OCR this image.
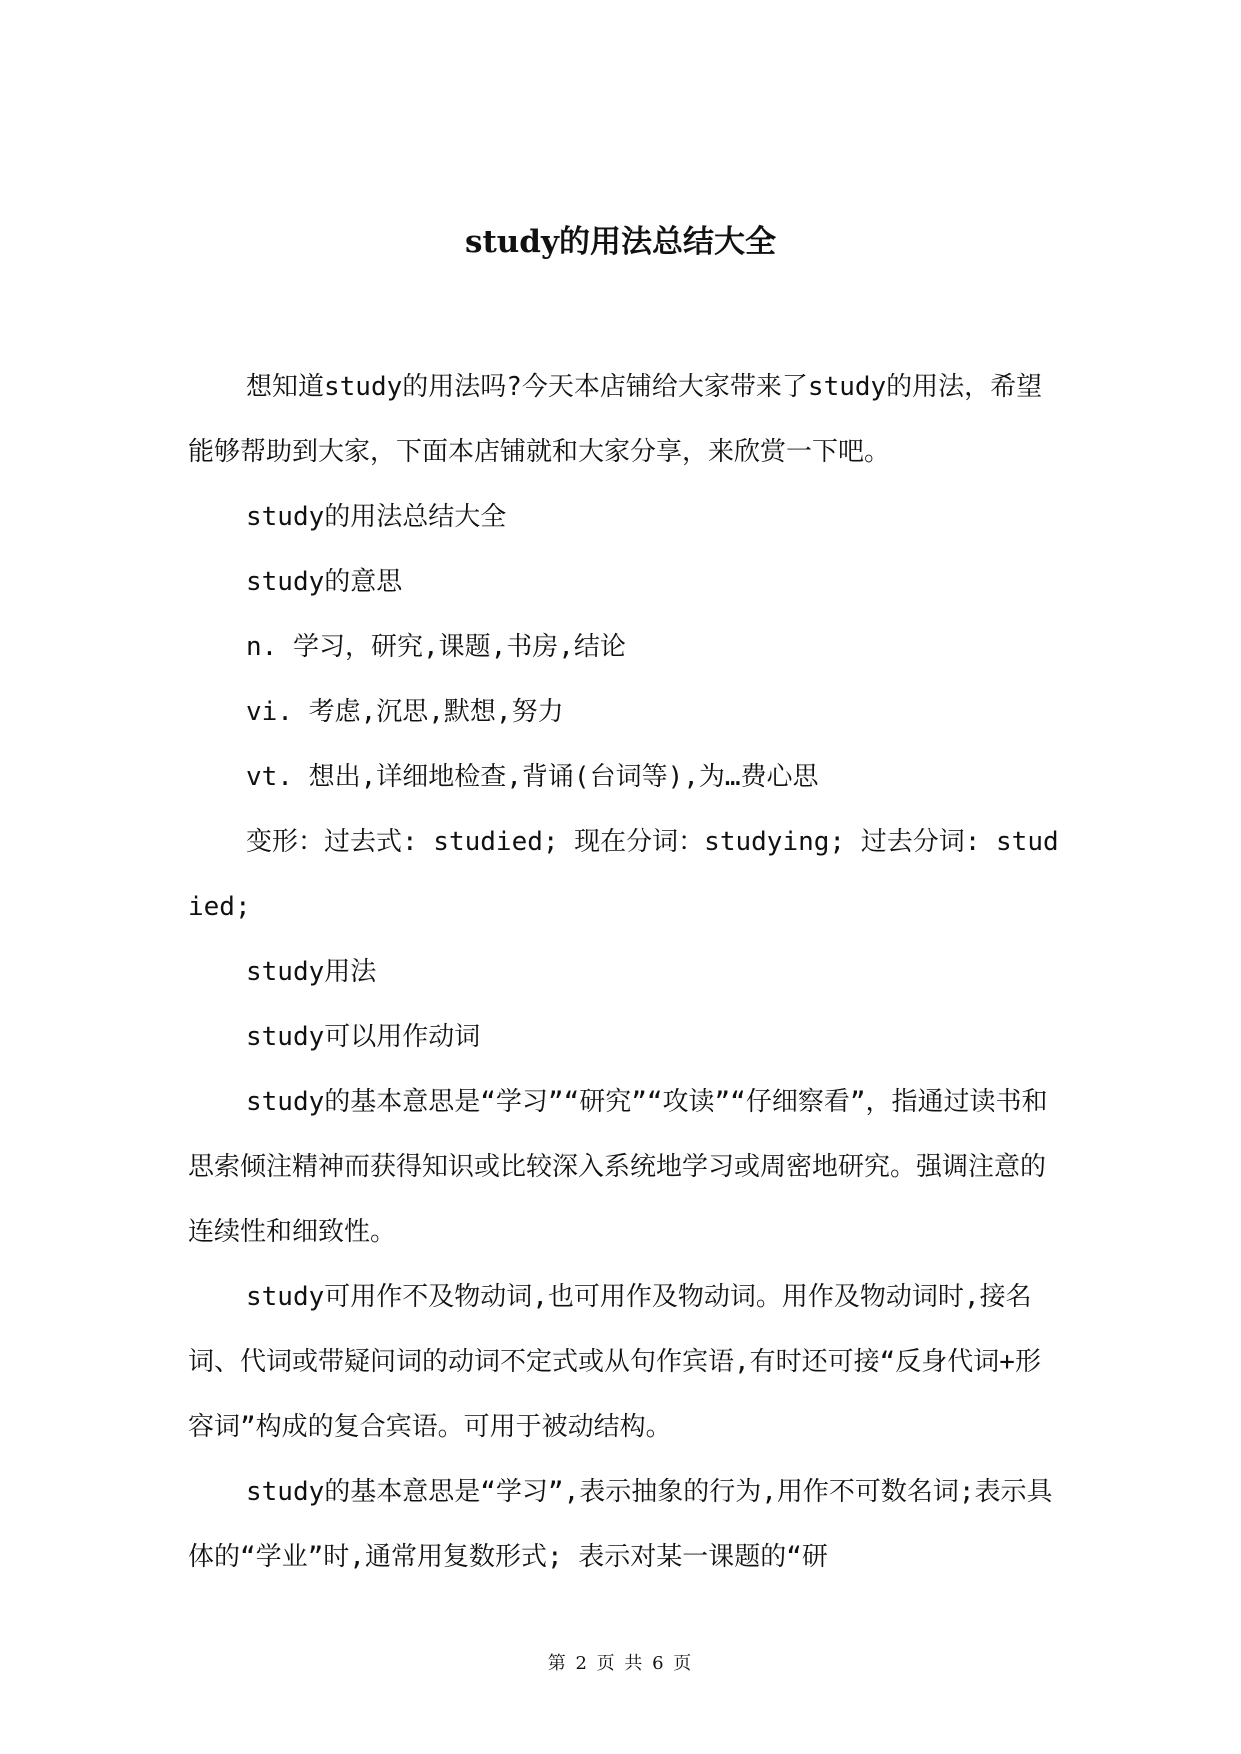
study的用法总结大全

想知道study的用法吗?今天本店铺给大家带来了study的用法，希望能够帮助到大家，下面本店铺就和大家分享，来欣赏一下吧。

study的用法总结大全

study的意思

n. 学习，研究,课题,书房,结论

vi. 考虑,沉思,默想,努力

vt. 想出,详细地检查,背诵(台词等),为…费心思

变形：过去式: studied; 现在分词：studying; 过去分词: studied;

study用法

study可以用作动词

study的基本意思是“学习”“研究”“攻读”“仔细察看”，指通过读书和思索倾注精神而获得知识或比较深入系统地学习或周密地研究。强调注意的连续性和细致性。

study可用作不及物动词,也可用作及物动词。用作及物动词时,接名词、代词或带疑问词的动词不定式或从句作宾语,有时还可接“反身代词+形容词”构成的复合宾语。可用于被动结构。

study的基本意思是“学习”,表示抽象的行为,用作不可数名词;表示具体的“学业”时,通常用复数形式; 表示对某一课题的“研

第 2 页 共 6 页
